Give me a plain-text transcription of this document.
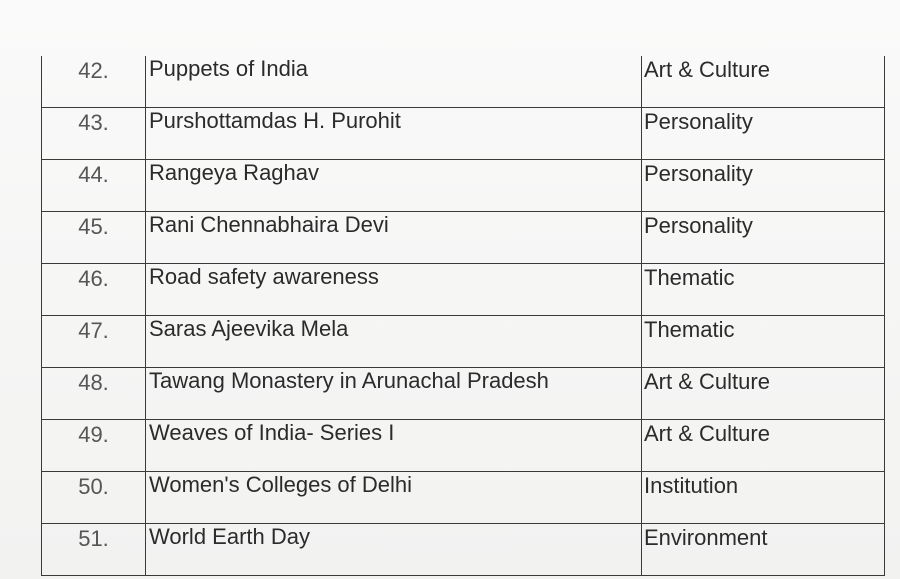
42.	Puppets of India	Art & Culture
43.	Purshottamdas H. Purohit	Personality
44.	Rangeya Raghav	Personality
45.	Rani Chennabhaira Devi	Personality
46.	Road safety awareness	Thematic
47.	Saras Ajeevika Mela	Thematic
48.	Tawang Monastery in Arunachal Pradesh	Art & Culture
49.	Weaves of India- Series I	Art & Culture
50.	Women's Colleges of Delhi	Institution
51.	World Earth Day	Environment
